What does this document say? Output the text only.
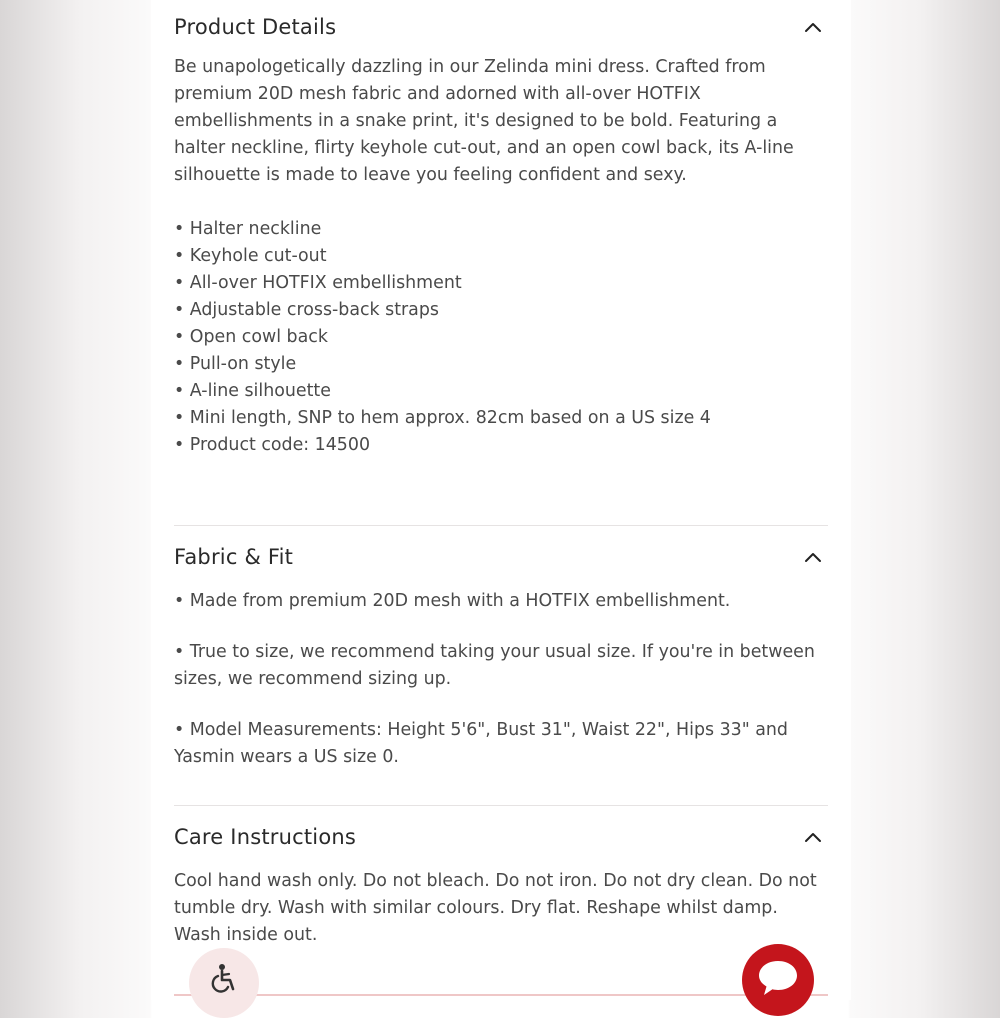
Product Details

Be unapologetically dazzling in our Zelinda mini dress. Crafted from premium 20D mesh fabric and adorned with all-over HOTFIX embellishments in a snake print, it's designed to be bold. Featuring a halter neckline, flirty keyhole cut-out, and an open cowl back, its A-line silhouette is made to leave you feeling confident and sexy.

• Halter neckline
• Keyhole cut-out
• All-over HOTFIX embellishment
• Adjustable cross-back straps
• Open cowl back
• Pull-on style
• A-line silhouette
• Mini length, SNP to hem approx. 82cm based on a US size 4
• Product code: 14500
Fabric & Fit

• Made from premium 20D mesh with a HOTFIX embellishment.

• True to size, we recommend taking your usual size. If you're in between sizes, we recommend sizing up.

• Model Measurements: Height 5'6", Bust 31", Waist 22", Hips 33" and Yasmin wears a US size 0.

Care Instructions

Cool hand wash only. Do not bleach. Do not iron. Do not dry clean. Do not tumble dry. Wash with similar colours. Dry flat. Reshape whilst damp. Wash inside out.
